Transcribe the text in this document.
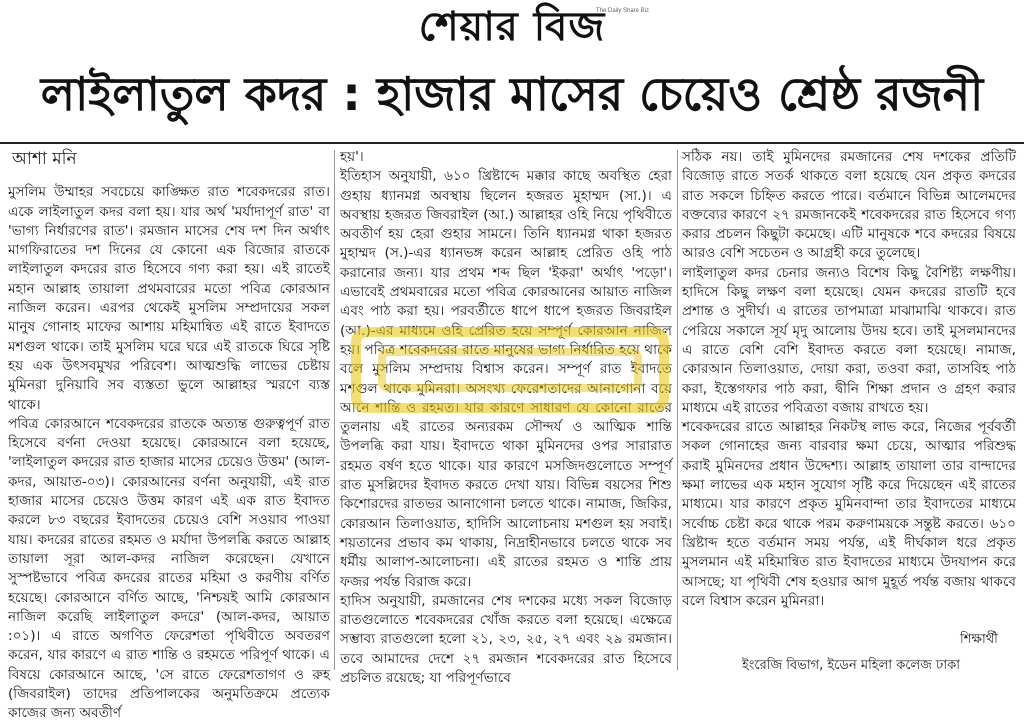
শেয়ার বিজ
The Daily Share Biz
লাইলাতুল কদর : হাজার মাসের চেয়েও শ্রেষ্ঠ রজনী
আশা মনি

মুসলিম উম্মাহর সবচেয়ে কাঙ্ক্ষিত রাত শবেকদরের রাত। একে লাইলাতুল কদর বলা হয়। যার অর্থ 'মর্যাদাপূর্ণ রাত' বা 'ভাগ্য নির্ধারণের রাত'। রমজান মাসের শেষ দশ দিন অর্থাৎ মাগফিরাতের দশ দিনের যে কোনো এক বিজোর রাতকে লাইলাতুল কদরের রাত হিসেবে গণ্য করা হয়। এই রাতেই মহান আল্লাহ তায়ালা প্রথমবারের মতো পবিত্র কোরআন নাজিল করেন। এরপর থেকেই মুসলিম সম্প্রদায়ের সকল মানুষ গোনাহ মাফের আশায় মহিমান্বিত এই রাতে ইবাদতে মশগুল থাকে। তাই মুসলিম ঘরে ঘরে এই রাতকে ঘিরে সৃষ্টি হয় এক উৎসবমুখর পরিবেশ। আত্মশুদ্ধি লাভের চেষ্টায় মুমিনরা দুনিয়াবি সব ব্যস্ততা ভুলে আল্লাহর স্মরণে ব্যস্ত থাকে।

পবিত্র কোরআনে শবেকদরের রাতকে অত্যন্ত গুরুত্বপূর্ণ রাত হিসেবে বর্ণনা দেওয়া হয়েছে। কোরআনে বলা হয়েছে, 'লাইলাতুল কদরের রাত হাজার মাসের চেয়েও উত্তম' (আল-কদর, আয়াত-০৩)। কোরআনের বর্ণনা অনুযায়ী, এই রাত হাজার মাসের চেয়েও উত্তম কারণ এই এক রাত ইবাদত করলে ৮৩ বছরের ইবাদতের চেয়েও বেশি সওয়াব পাওয়া যায়। কদরের রাতের রহমত ও মর্যাদা উপলব্ধি করতে আল্লাহ তায়ালা সূরা আল-কদর নাজিল করেছেন। যেখানে সুস্পষ্টভাবে পবিত্র কদরের রাতের মহিমা ও করণীয় বর্ণিত হয়েছে। কোরআনে বর্ণিত আছে, 'নিশ্চয়ই আমি কোরআন নাজিল করেছি লাইলাতুল কদরে' (আল-কদর, আয়াত :০১)। এ রাতে অগণিত ফেরেশতা পৃথিবীতে অবতরণ করেন, যার কারণে এ রাত শান্তি ও রহমতে পরিপূর্ণ থাকে। এ বিষয়ে কোরআনে আছে, 'সে রাতে ফেরেশতাগণ ও রুহ (জিবরাইল) তাদের প্রতিপালকের অনুমতিক্রমে প্রত্যেক কাজের জন্য অবতীর্ণ

হয়'।

ইতিহাস অনুযায়ী, ৬১০ খ্রিষ্টাব্দে মক্কার কাছে অবস্থিত হেরা গুহায় ধ্যানমগ্ন অবস্থায় ছিলেন হজরত মুহাম্মদ (সা.)। এ অবস্থায় হজরত জিবরাইল (আ.) আল্লাহর ওহি নিয়ে পৃথিবীতে অবতীর্ণ হয় হেরা গুহার সামনে। তিনি ধ্যানমগ্ন থাকা হজরত মুহাম্মদ (স.)-এর ধ্যানভঙ্গ করেন আল্লাহ প্রেরিত ওহি পাঠ করানোর জন্য। যার প্রথম শব্দ ছিল 'ইকরা' অর্থাৎ 'পড়ো'। এভাবেই প্রথমবারের মতো পবিত্র কোরআনের আয়াত নাজিল এবং পাঠ করা হয়। পরবর্তীতে ধাপে ধাপে হজরত জিবরাইল (আ.)-এর মাধ্যমে ওহি প্রেরিত হয়ে সম্পূর্ণ কোরআন নাজিল হয়। পবিত্র শবেকদরের রাতে মানুষের ভাগ্য নির্ধারিত হয়ে থাকে বলে মুসলিম সম্প্রদায় বিশ্বাস করেন। সম্পূর্ণ রাত ইবাদতে মশগুল থাকে মুমিনরা। অসংখ্য ফেরেশতাদের আনাগোনা বয়ে আনে শান্তি ও রহমত। যার কারণে সাধারণ যে কোনো রাতের তুলনায় এই রাতের অন্যরকম সৌন্দর্য ও আত্মিক শান্তি উপলব্ধি করা যায়। ইবাদতে থাকা মুমিনদের ওপর সারারাত রহমত বর্ষণ হতে থাকে। যার কারণে মসজিদগুলোতে সম্পূর্ণ রাত মুসল্লিদের ইবাদত করতে দেখা যায়। বিভিন্ন বয়সের শিশু কিশোরদের রাতভর আনাগোনা চলতে থাকে। নামাজ, জিকির, কোরআন তিলাওয়াত, হাদিসি আলোচনায় মশগুল হয় সবাই। শয়তানের প্রভাব কম থাকায়, নিদ্রাহীনভাবে চলতে থাকে সব ধর্মীয় আলাপ-আলোচনা। এই রাতের রহমত ও শান্তি প্রায় ফজর পর্যন্ত বিরাজ করে।

হাদিস অনুযায়ী, রমজানের শেষ দশকের মধ্যে সকল বিজোড় রাতগুলোতে শবেকদরের খোঁজ করতে বলা হয়েছে। এক্ষেত্রে সম্ভাব্য রাতগুলো হলো ২১, ২৩, ২৫, ২৭ এবং ২৯ রমজান। তবে আমাদের দেশে ২৭ রমজান শবেকদরের রাত হিসেবে প্রচলিত রয়েছে; যা পরিপূর্ণভাবে

সঠিক নয়। তাই মুমিনদের রমজানের শেষ দশকের প্রতিটি বিজোড় রাতে সতর্ক থাকতে বলা হয়েছে যেন প্রকৃত কদরের রাত সকলে চিহ্নিত করতে পারে। বর্তমানে বিভিন্ন আলেমদের বক্তব্যের কারণে ২৭ রমজানকেই শবেকদরের রাত হিসেবে গণ্য করার প্রচলন কিছুটা কমেছে। এটি মানুষকে শবে কদরের বিষয়ে আরও বেশি সচেতন ও আগ্রহী করে তুলেছে।

লাইলাতুল কদর চেনার জন্যও বিশেষ কিছু বৈশিষ্ট্য লক্ষণীয়। হাদিসে কিছু লক্ষণ বলা হয়েছে। যেমন কদরের রাতটি হবে প্রশান্ত ও সুদীর্ঘ। এ রাতের তাপমাত্রা মাঝামাঝি থাকবে। রাত পেরিয়ে সকালে সূর্য মৃদু আলোয় উদয় হবে। তাই মুসলমানদের এ রাতে বেশি বেশি ইবাদত করতে বলা হয়েছে। নামাজ, কোরআন তিলাওয়াত, দোয়া করা, তওবা করা, তাসবিহ পাঠ করা, ইস্তেগফার পাঠ করা, দ্বীনি শিক্ষা প্রদান ও গ্রহণ করার মাধ্যমে এই রাতের পবিত্রতা বজায় রাখতে হয়।

শবেকদরের রাতে আল্লাহর নিকটস্থ লাভ করে, নিজের পূর্ববর্তী সকল গোনাহের জন্য বারবার ক্ষমা চেয়ে, আত্মার পরিশুদ্ধ করাই মুমিনদের প্রধান উদ্দেশ্য। আল্লাহ তায়ালা তার বান্দাদের ক্ষমা লাভের এক মহান সুযোগ সৃষ্টি করে দিয়েছেন এই রাতের মাধ্যমে। যার কারণে প্রকৃত মুমিনবান্দা তার ইবাদতের মাধ্যমে সর্বোচ্চ চেষ্টা করে থাকে পরম করুণাময়কে সন্তুষ্ট করতে। ৬১০ খ্রিষ্টাব্দ হতে বর্তমান সময় পর্যন্ত, এই দীর্ঘকাল ধরে প্রকৃত মুসলমান এই মহিমান্বিত রাত ইবাদতের মাধ্যমে উদযাপন করে আসছে; যা পৃথিবী শেষ হওয়ার আগ মুহূর্ত পর্যন্ত বজায় থাকবে বলে বিশ্বাস করেন মুমিনরা।

শিক্ষার্থী
ইংরেজি বিভাগ, ইডেন মহিলা কলেজ ঢাকা
